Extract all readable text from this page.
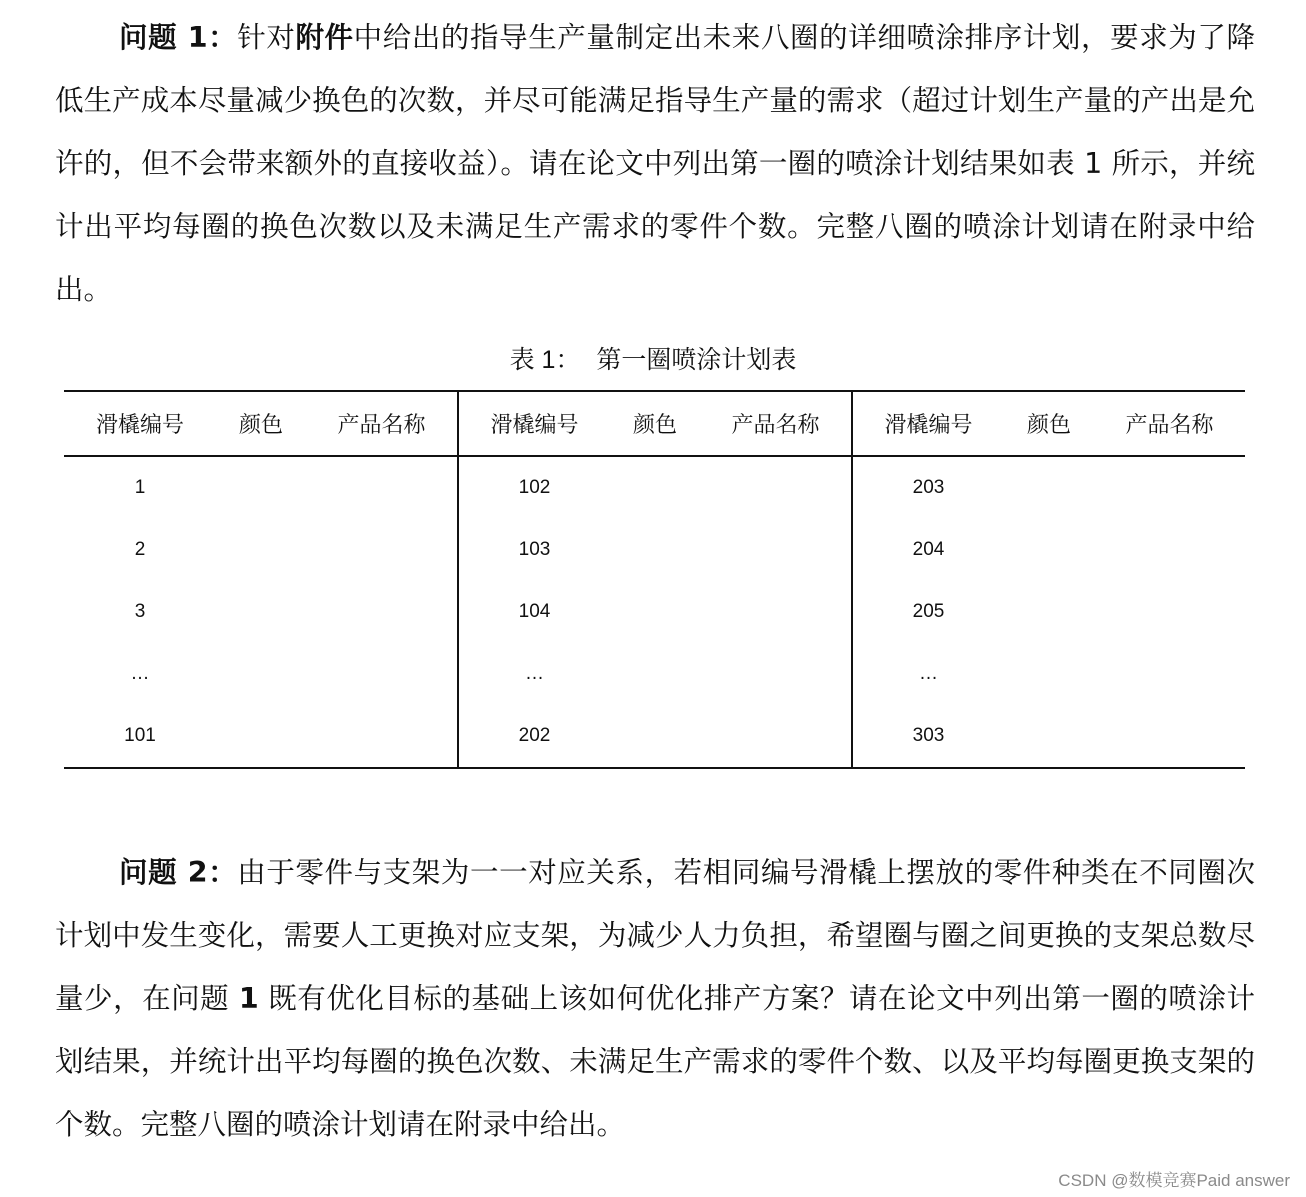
问题 1：针对附件中给出的指导生产量制定出未来八圈的详细喷涂排序计划，要求为了降低生产成本尽量减少换色的次数，并尽可能满足指导生产量的需求（超过计划生产量的产出是允许的，但不会带来额外的直接收益）。请在论文中列出第一圈的喷涂计划结果如表 1 所示，并统计出平均每圈的换色次数以及未满足生产需求的零件个数。完整八圈的喷涂计划请在附录中给出。

表 1： 第一圈喷涂计划表
滑橇编号	颜色	产品名称	滑橇编号	颜色	产品名称	滑橇编号	颜色	产品名称
1			102			203		
2			103			204		
3			104			205		
…			…			…		
101			202			303		

问题 2：由于零件与支架为一一对应关系，若相同编号滑橇上摆放的零件种类在不同圈次计划中发生变化，需要人工更换对应支架，为减少人力负担，希望圈与圈之间更换的支架总数尽量少，在问题 1 既有优化目标的基础上该如何优化排产方案？请在论文中列出第一圈的喷涂计划结果，并统计出平均每圈的换色次数、未满足生产需求的零件个数、以及平均每圈更换支架的个数。完整八圈的喷涂计划请在附录中给出。

CSDN @数模竞赛Paid answer
